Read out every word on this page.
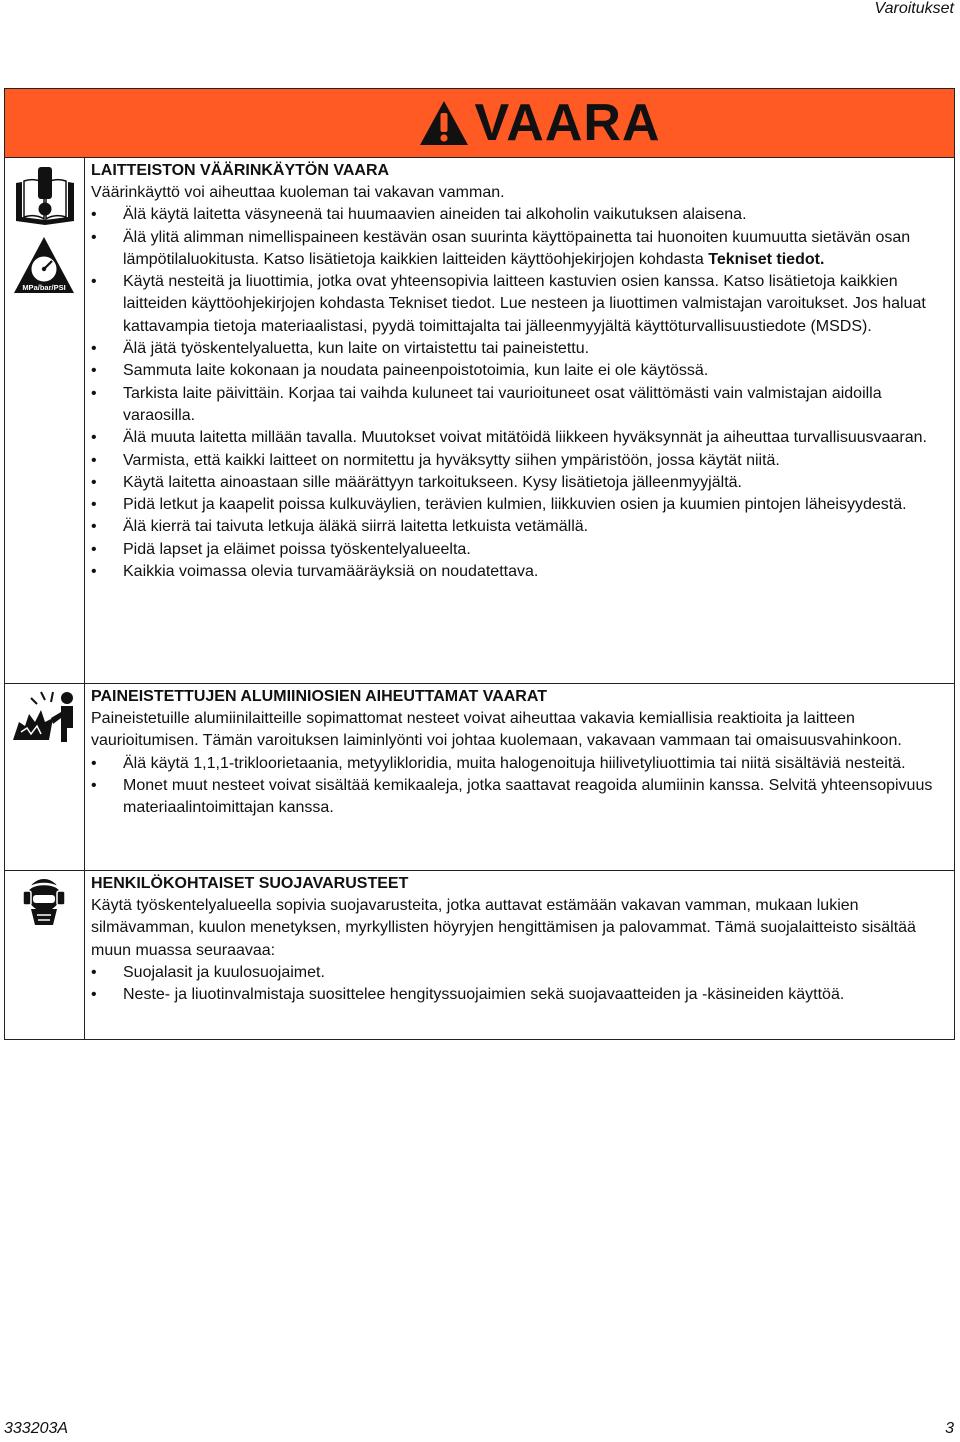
Varoitukset
VAARA
MPa/bar/PSI

LAITTEISTON VÄÄRINKÄYTÖN VAARA

Väärinkäyttö voi aiheuttaa kuoleman tai vakavan vamman.

• Älä käytä laitetta väsyneenä tai huumaavien aineiden tai alkoholin vaikutuksen alaisena.
• Älä ylitä alimman nimellispaineen kestävän osan suurinta käyttöpainetta tai huonoiten kuumuutta sietävän osan lämpötilaluokitusta. Katso lisätietoja kaikkien laitteiden käyttöohjekirjojen kohdasta Tekniset tiedot.
• Käytä nesteitä ja liuottimia, jotka ovat yhteensopivia laitteen kastuvien osien kanssa. Katso lisätietoja kaikkien laitteiden käyttöohjekirjojen kohdasta Tekniset tiedot. Lue nesteen ja liuottimen valmistajan varoitukset. Jos haluat kattavampia tietoja materiaalistasi, pyydä toimittajalta tai jälleenmyyjältä käyttöturvallisuustiedote (MSDS).
• Älä jätä työskentelyaluetta, kun laite on virtaistettu tai paineistettu.
• Sammuta laite kokonaan ja noudata paineenpoistotoimia, kun laite ei ole käytössä.
• Tarkista laite päivittäin. Korjaa tai vaihda kuluneet tai vaurioituneet osat välittömästi vain valmistajan aidoilla varaosilla.
• Älä muuta laitetta millään tavalla. Muutokset voivat mitätöidä liikkeen hyväksynnät ja aiheuttaa turvallisuusvaaran.
• Varmista, että kaikki laitteet on normitettu ja hyväksytty siihen ympäristöön, jossa käytät niitä.
• Käytä laitetta ainoastaan sille määrättyyn tarkoitukseen. Kysy lisätietoja jälleenmyyjältä.
• Pidä letkut ja kaapelit poissa kulkuväylien, terävien kulmien, liikkuvien osien ja kuumien pintojen läheisyydestä.
• Älä kierrä tai taivuta letkuja äläkä siirrä laitetta letkuista vetämällä.
• Pidä lapset ja eläimet poissa työskentelyalueelta.
• Kaikkia voimassa olevia turvamääräyksiä on noudatettava.

PAINEISTETTUJEN ALUMIINIOSIEN AIHEUTTAMAT VAARAT

Paineistetuille alumiinilaitteille sopimattomat nesteet voivat aiheuttaa vakavia kemiallisia reaktioita ja laitteen vaurioitumisen. Tämän varoituksen laiminlyönti voi johtaa kuolemaan, vakavaan vammaan tai omaisuusvahinkoon.

• Älä käytä 1,1,1-trikloorietaania, metyylikloridia, muita halogenoituja hiilivetyliuottimia tai niitä sisältäviä nesteitä.
• Monet muut nesteet voivat sisältää kemikaaleja, jotka saattavat reagoida alumiinin kanssa. Selvitä yhteensopivuus materiaalintoimittajan kanssa.

HENKILÖKOHTAISET SUOJAVARUSTEET

Käytä työskentelyalueella sopivia suojavarusteita, jotka auttavat estämään vakavan vamman, mukaan lukien silmävamman, kuulon menetyksen, myrkyllisten höyryjen hengittämisen ja palovammat. Tämä suojalaitteisto sisältää muun muassa seuraavaa:

• Suojalasit ja kuulosuojaimet.
• Neste- ja liuotinvalmistaja suosittelee hengityssuojaimien sekä suojavaatteiden ja -käsineiden käyttöä.
333203A	3
